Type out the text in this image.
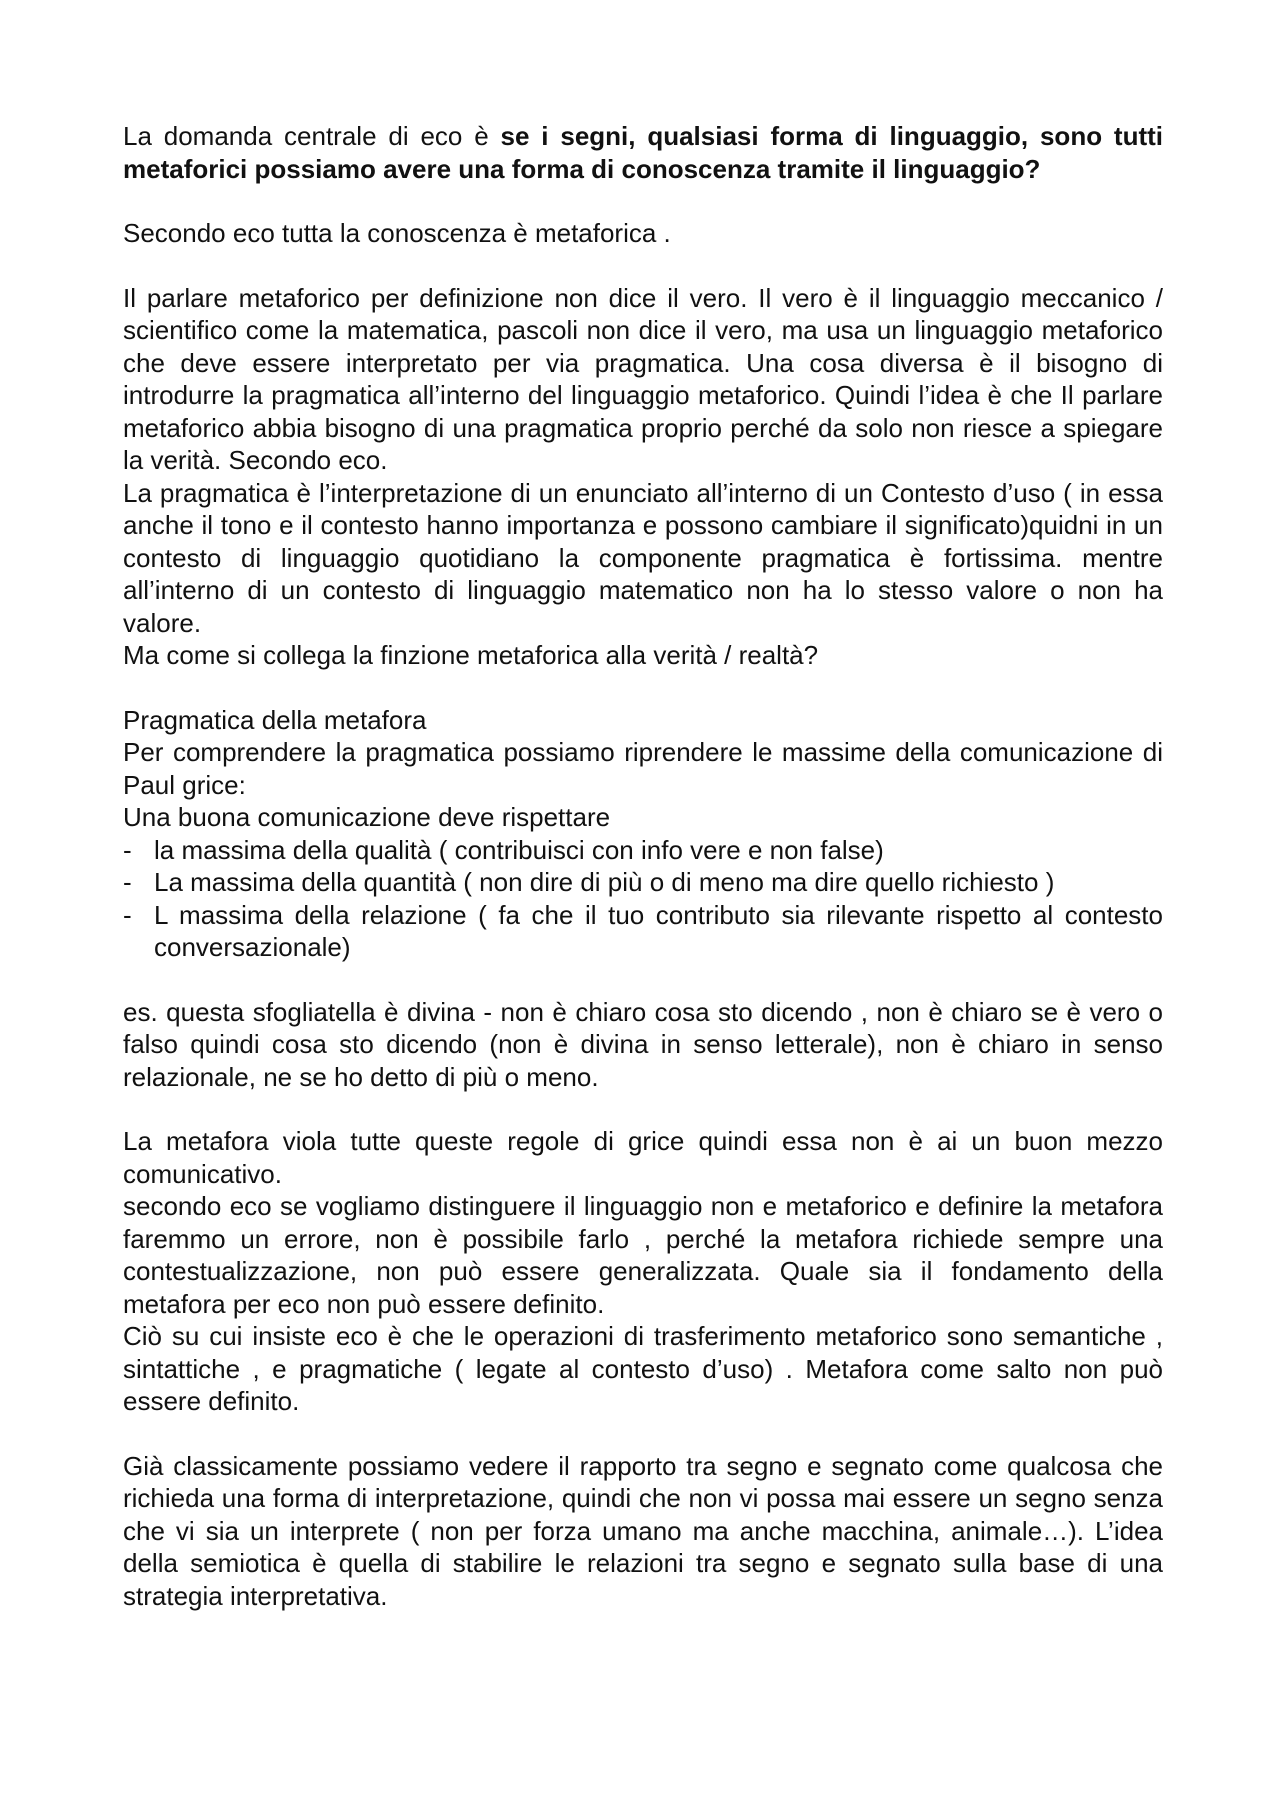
La domanda centrale di eco è se i segni, qualsiasi forma di linguaggio, sono tutti metaforici possiamo avere una forma di conoscenza tramite il linguaggio?

Secondo eco tutta la conoscenza è metaforica .

Il parlare metaforico per definizione non dice il vero. Il vero è il linguaggio meccanico / scientifico come la matematica, pascoli non dice il vero, ma usa un linguaggio metaforico che deve essere interpretato per via pragmatica. Una cosa diversa è il bisogno di introdurre la pragmatica all’interno del linguaggio metaforico. Quindi l’idea è che Il parlare metaforico abbia bisogno di una pragmatica proprio perché da solo non riesce a spiegare la verità. Secondo eco.

La pragmatica è l’interpretazione di un enunciato all’interno di un Contesto d’uso ( in essa anche il tono e il contesto hanno importanza e possono cambiare il significato)quidni in un contesto di linguaggio quotidiano la componente pragmatica è fortissima. mentre all’interno di un contesto di linguaggio matematico non ha lo stesso valore o non ha valore.

Ma come si collega la finzione metaforica alla verità / realtà?

Pragmatica della metafora

Per comprendere la pragmatica possiamo riprendere le massime della comunicazione di Paul grice:

Una buona comunicazione deve rispettare

- la massima della qualità ( contribuisci con info vere e non false)
- La massima della quantità ( non dire di più o di meno ma dire quello richiesto )
- L massima della relazione ( fa che il tuo contributo sia rilevante rispetto al contesto conversazionale)

es. questa sfogliatella è divina - non è chiaro cosa sto dicendo , non è chiaro se è vero o falso quindi cosa sto dicendo (non è divina in senso letterale), non è chiaro in senso relazionale, ne se ho detto di più o meno.

La metafora viola tutte queste regole di grice quindi essa non è ai un buon mezzo comunicativo.

secondo eco se vogliamo distinguere il linguaggio non e metaforico e definire la metafora faremmo un errore, non è possibile farlo , perché la metafora richiede sempre una contestualizzazione, non può essere generalizzata. Quale sia il fondamento della metafora per eco non può essere definito.

Ciò su cui insiste eco è che le operazioni di trasferimento metaforico sono semantiche , sintattiche , e pragmatiche ( legate al contesto d’uso) . Metafora come salto non può essere definito.

Già classicamente possiamo vedere il rapporto tra segno e segnato come qualcosa che richieda una forma di interpretazione, quindi che non vi possa mai essere un segno senza che vi sia un interprete ( non per forza umano ma anche macchina, animale…). L’idea della semiotica è quella di stabilire le relazioni tra segno e segnato sulla base di una strategia interpretativa.
